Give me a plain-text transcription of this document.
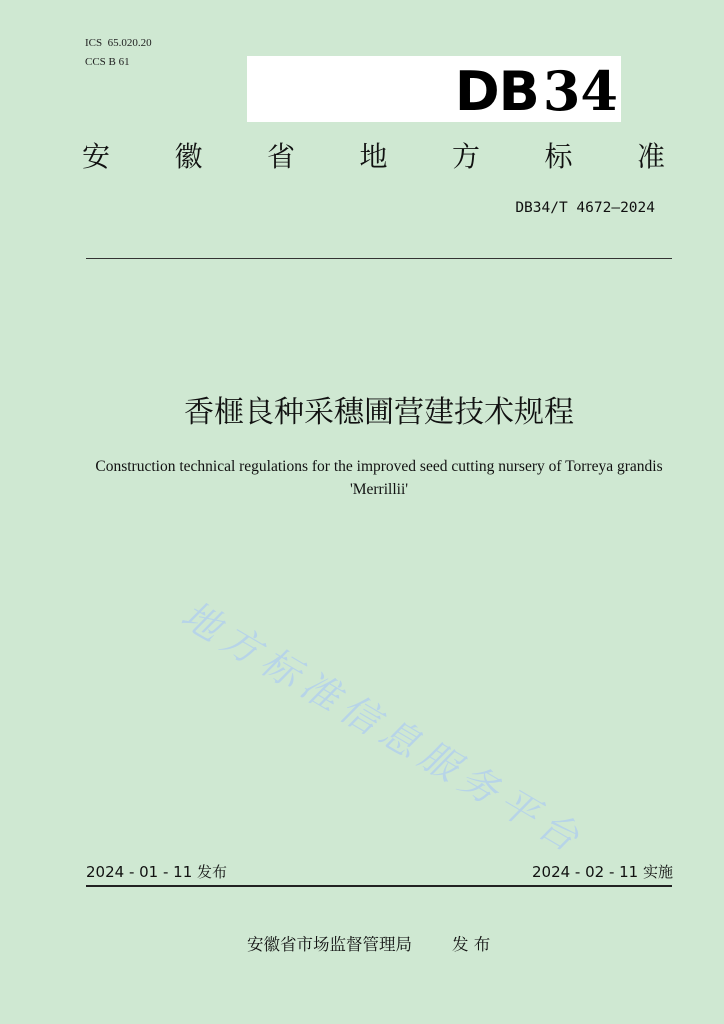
ICS  65.020.20
CCS B 61	DB34
安 徽 省 地 方 标 准
DB34/T 4672—2024
香榧良种采穗圃营建技术规程
Construction technical regulations for the improved seed cutting nursery of Torreya grandis 'Merrillii'
地方标准信息服务平台
2024 - 01 - 11 发布	2024 - 02 - 11 实施
安徽省市场监督管理局 发 布
